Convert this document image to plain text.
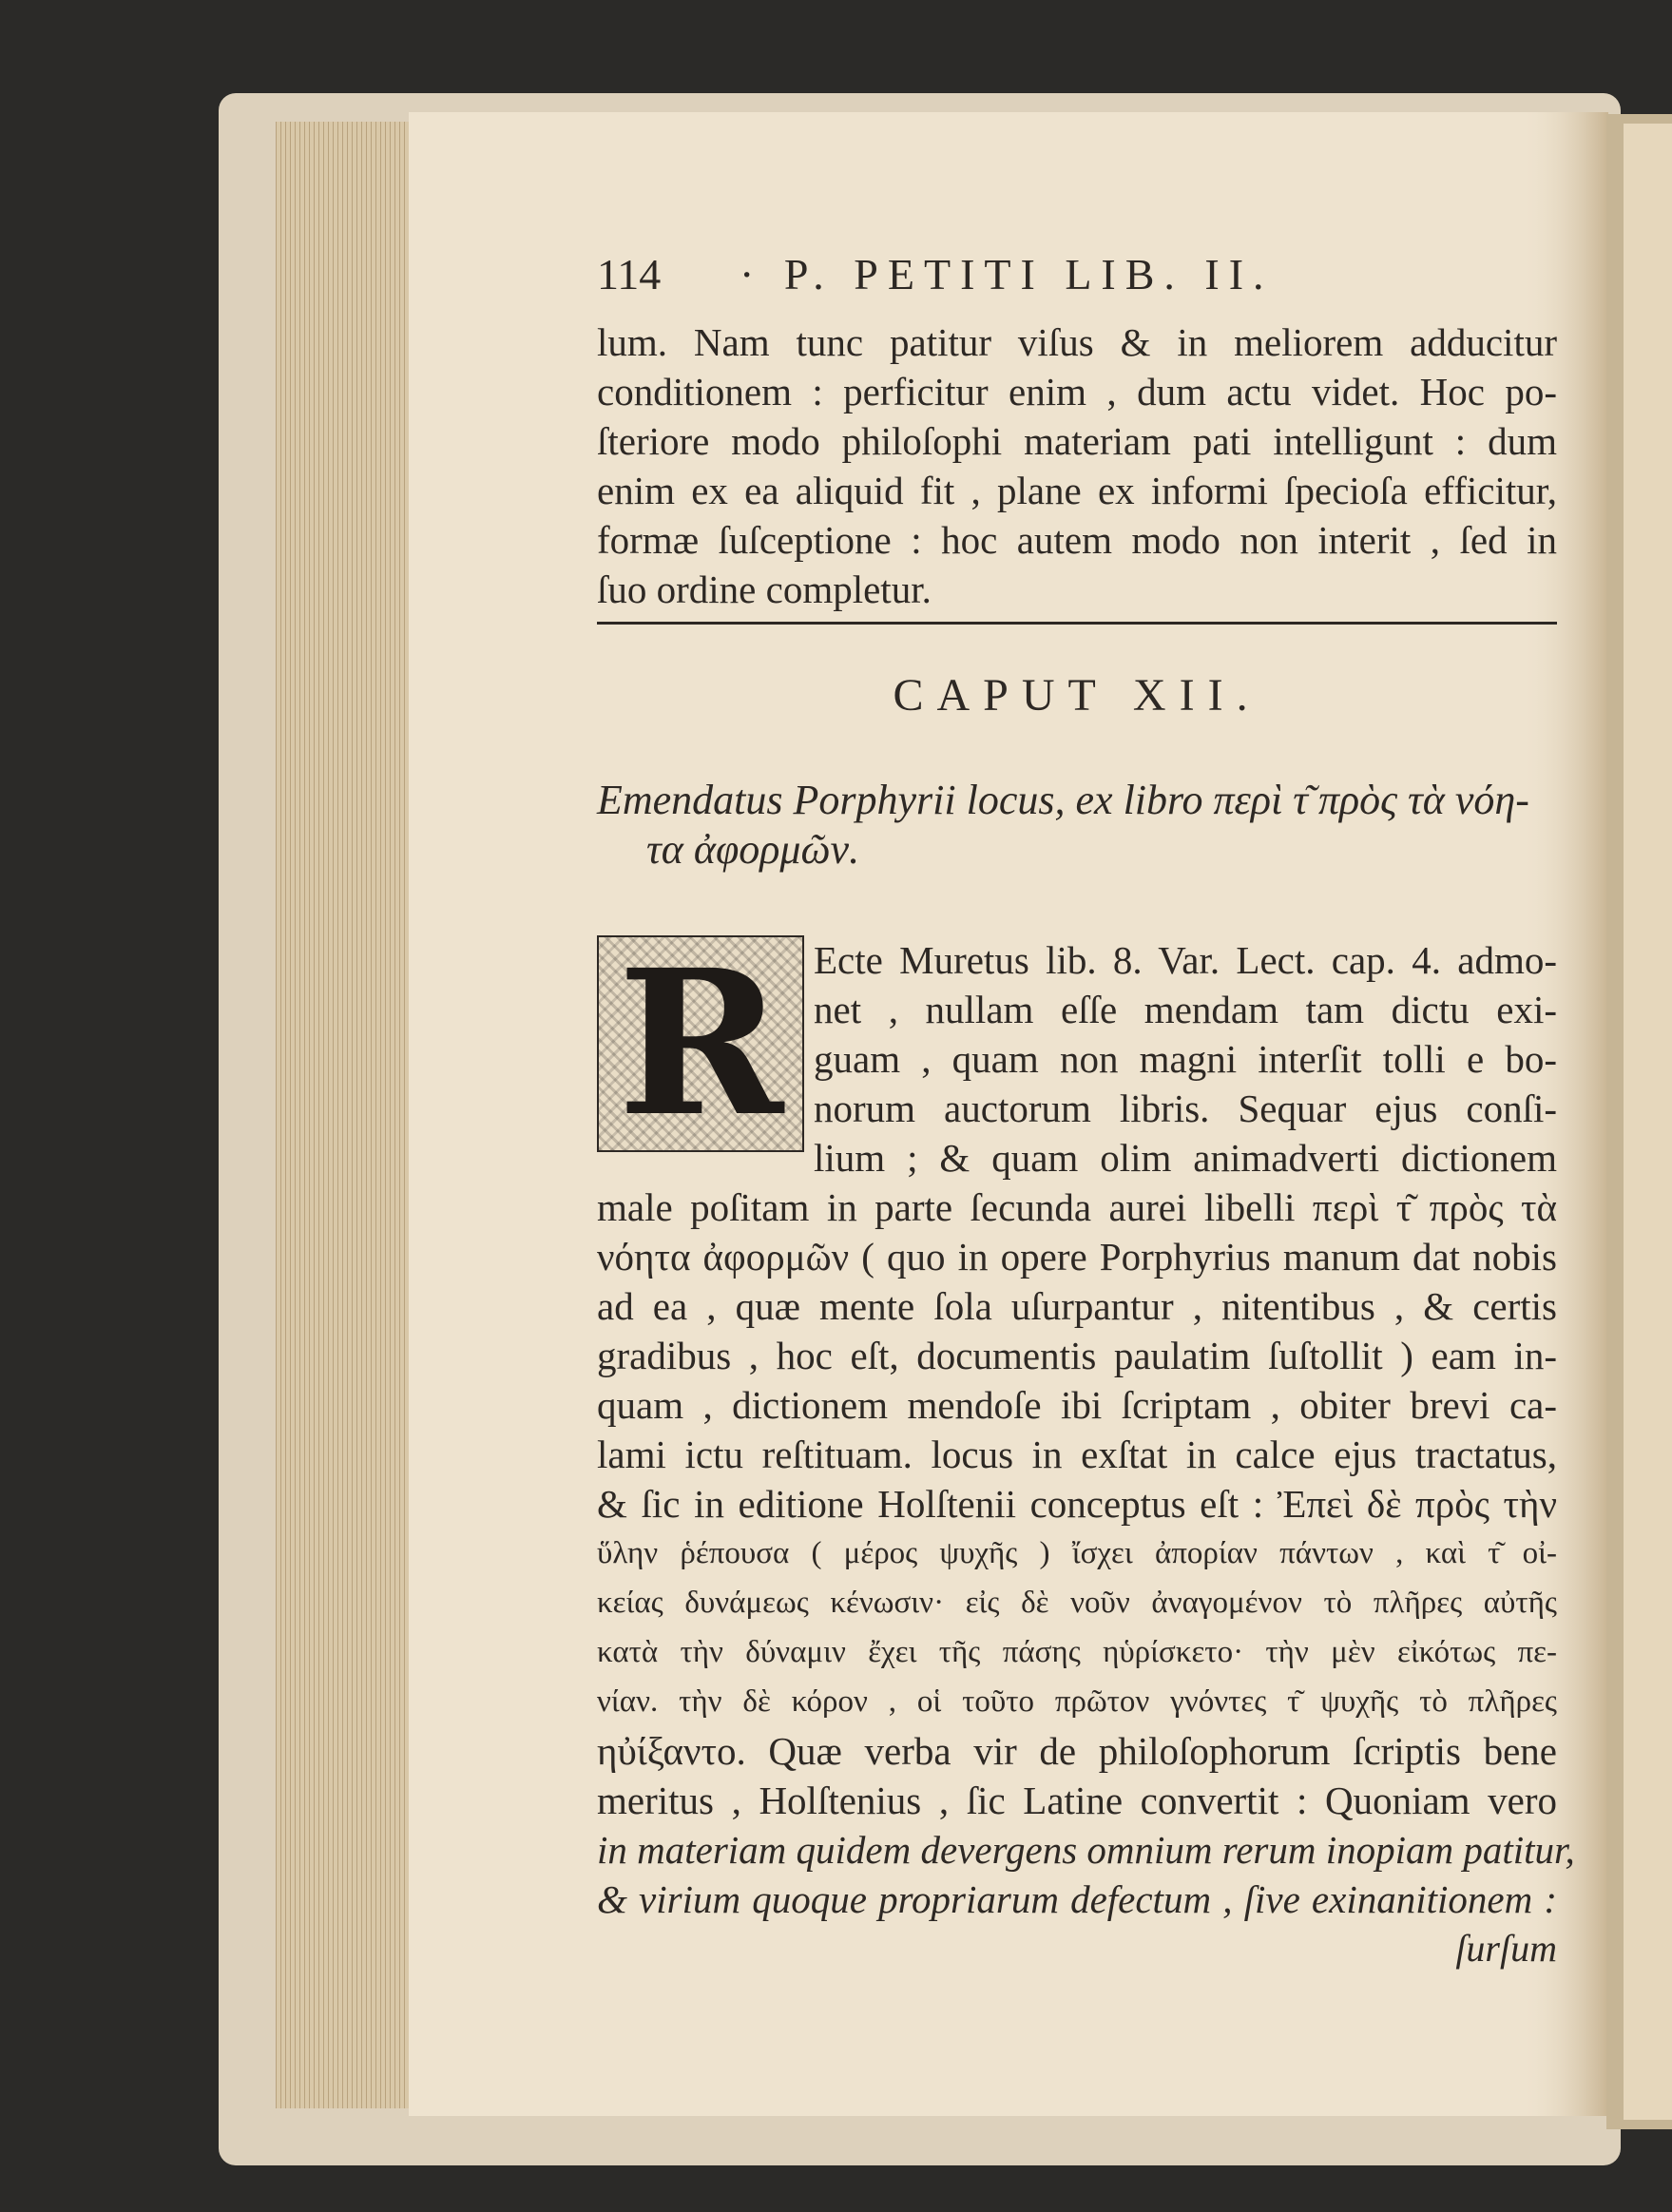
114 · P. PETITI LIB. II.
lum. Nam tunc patitur viſus & in meliorem adducitur
conditionem : perficitur enim , dum actu videt. Hoc po-
ſteriore modo philoſophi materiam pati intelligunt : dum
enim ex ea aliquid fit , plane ex informi ſpecioſa efficitur,
formæ ſuſceptione : hoc autem modo non interit , ſed in
ſuo ordine completur.
CAPUT XII.
Emendatus Porphyrii locus, ex libro περὶ τ͂ πρὸς τὰ νόη-
τα ἀφορμῶν.
R Ecte Muretus lib. 8. Var. Lect. cap. 4. admo-
net , nullam eſſe mendam tam dictu exi-
guam , quam non magni interſit tolli e bo-
norum auctorum libris. Sequar ejus conſi-
lium ; & quam olim animadverti dictionem
male poſitam in parte ſecunda aurei libelli περὶ τ͂ πρὸς τὰ
νόητα ἀφορμῶν ( quo in opere Porphyrius manum dat nobis
ad ea , quæ mente ſola uſurpantur , nitentibus , & certis
gradibus , hoc eſt, documentis paulatim ſuſtollit ) eam in-
quam , dictionem mendoſe ibi ſcriptam , obiter brevi ca-
lami ictu reſtituam. locus in exſtat in calce ejus tractatus,
& ſic in editione Holſtenii conceptus eſt : Ἐπεὶ δὲ πρὸς τὴν
ὕλην ῥέπουσα ( μέρος ψυχῆς ) ἴσχει ἀπορίαν πάντων , καὶ τ͂ οἰ-
κείας δυνάμεως κένωσιν· εἰς δὲ νοῦν ἀναγομένον τὸ πλῆρες αὐτῆς
κατὰ τὴν δύναμιν ἔχει τῆς πάσης ηὑρίσκετο· τὴν μὲν εἰκότως πε-
νίαν. τὴν δὲ κόρον , οἱ τοῦτο πρῶτον γνόντες τ͂ ψυχῆς τὸ πλῆρες
ηὐίξαντο. Quæ verba vir de philoſophorum ſcriptis bene
meritus , Holſtenius , ſic Latine convertit : Quoniam vero
in materiam quidem devergens omnium rerum inopiam patitur,
& virium quoque propriarum defectum , ſive exinanitionem :
ſurſum
